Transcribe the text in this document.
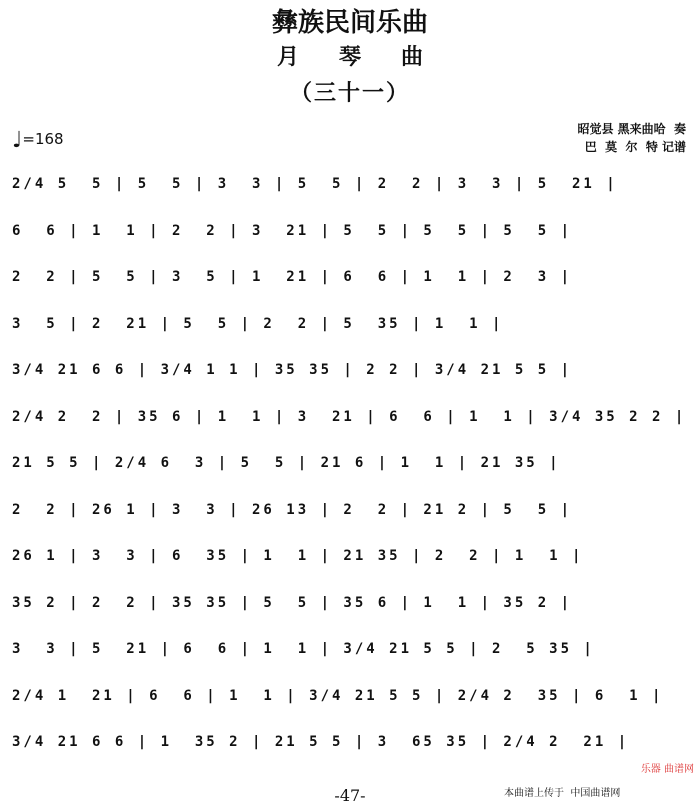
彝族民间乐曲
月琴曲
（三十一）
♩=168
昭觉县 黑来曲哈  奏
巴  莫  尔  特 记谱
2/4 5  5 | 5  5 | 3  3 | 5  5 | 2  2 | 3  3 | 5  21 |
6  6 | 1  1 | 2  2 | 3  21 | 5  5 | 5  5 | 5  5 |
2  2 | 5  5 | 3  5 | 1  21 | 6  6 | 1  1 | 2  3 |
3  5 | 2  21 | 5  5 | 2  2 | 5  35 | 1  1 |
3/4 21 6 6 | 3/4 1 1 | 35 35 | 2 2 | 3/4 21 5 5 |
2/4 2  2 | 35 6 | 1  1 | 3  21 | 6  6 | 1  1 | 3/4 35 2 2 |
21 5 5 | 2/4 6  3 | 5  5 | 21 6 | 1  1 | 21 35 |
2  2 | 26 1 | 3  3 | 26 13 | 2  2 | 21 2 | 5  5 |
26 1 | 3  3 | 6  35 | 1  1 | 21 35 | 2  2 | 1  1 |
35 2 | 2  2 | 35 35 | 5  5 | 35 6 | 1  1 | 35 2 |
3  3 | 5  21 | 6  6 | 1  1 | 3/4 21 5 5 | 2  5 35 |
2/4 1  21 | 6  6 | 1  1 | 3/4 21 5 5 | 2/4 2  35 | 6  1 |
3/4 21 6 6 | 1  35 2 | 21 5 5 | 3  65 35 | 2/4 2  21 |
乐器 曲谱网
本曲谱上传于  中国曲谱网
-47-
